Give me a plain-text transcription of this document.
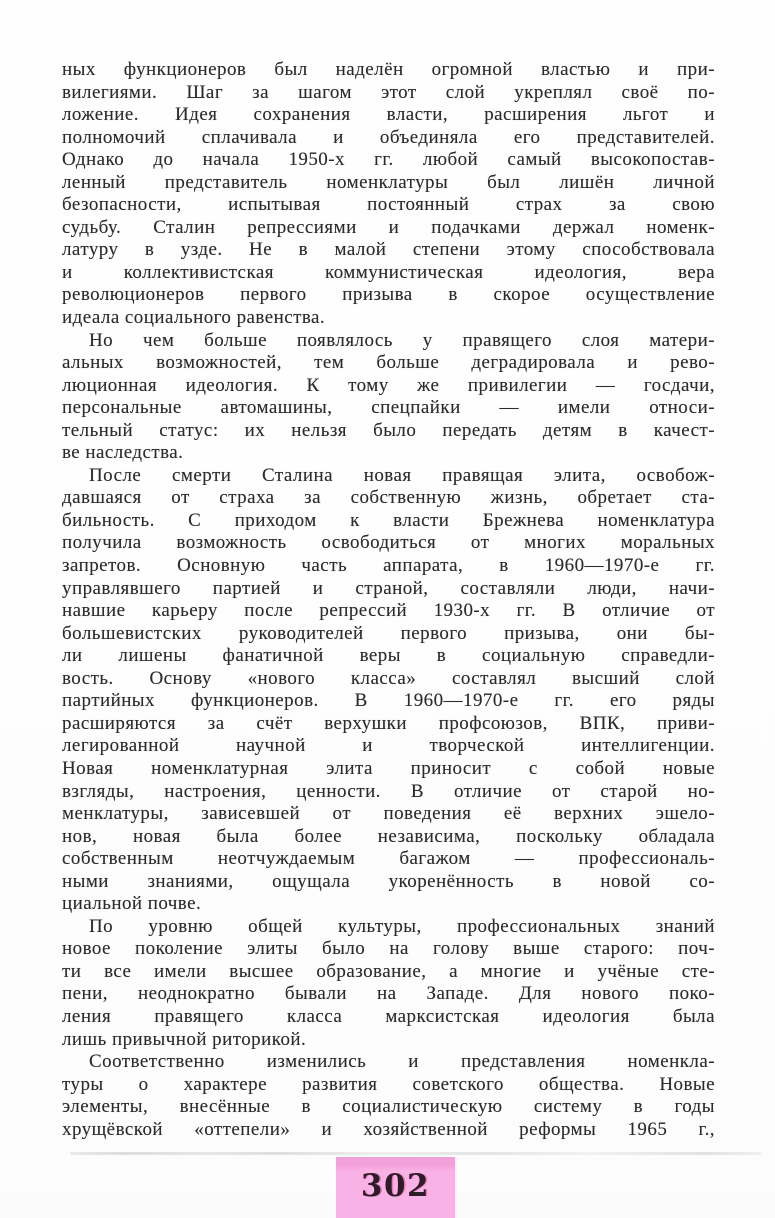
ных функционеров был наделён огромной властью и при-
вилегиями. Шаг за шагом этот слой укреплял своё по-
ложение. Идея сохранения власти, расширения льгот и
полномочий сплачивала и объединяла его представителей.
Однако до начала 1950-х гг. любой самый высокопостав-
ленный представитель номенклатуры был лишён личной
безопасности, испытывая постоянный страх за свою
судьбу. Сталин репрессиями и подачками держал номенк-
латуру в узде. Не в малой степени этому способствовала
и коллективистская коммунистическая идеология, вера
революционеров первого призыва в скорое осуществление
идеала социального равенства.
Но чем больше появлялось у правящего слоя матери-
альных возможностей, тем больше деградировала и рево-
люционная идеология. К тому же привилегии — госдачи,
персональные автомашины, спецпайки — имели относи-
тельный статус: их нельзя было передать детям в качест-
ве наследства.
После смерти Сталина новая правящая элита, освобож-
давшаяся от страха за собственную жизнь, обретает ста-
бильность. С приходом к власти Брежнева номенклатура
получила возможность освободиться от многих моральных
запретов. Основную часть аппарата, в 1960—1970-е гг.
управлявшего партией и страной, составляли люди, начи-
навшие карьеру после репрессий 1930-х гг. В отличие от
большевистских руководителей первого призыва, они бы-
ли лишены фанатичной веры в социальную справедли-
вость. Основу «нового класса» составлял высший слой
партийных функционеров. В 1960—1970-е гг. его ряды
расширяются за счёт верхушки профсоюзов, ВПК, приви-
легированной научной и творческой интеллигенции.
Новая номенклатурная элита приносит с собой новые
взгляды, настроения, ценности. В отличие от старой но-
менклатуры, зависевшей от поведения её верхних эшело-
нов, новая была более независима, поскольку обладала
собственным неотчуждаемым багажом — профессиональ-
ными знаниями, ощущала укоренённость в новой со-
циальной почве.
По уровню общей культуры, профессиональных знаний
новое поколение элиты было на голову выше старого: поч-
ти все имели высшее образование, а многие и учёные сте-
пени, неоднократно бывали на Западе. Для нового поко-
ления правящего класса марксистская идеология была
лишь привычной риторикой.
Соответственно изменились и представления номенкла-
туры о характере развития советского общества. Новые
элементы, внесённые в социалистическую систему в годы
хрущёвской «оттепели» и хозяйственной реформы 1965 г.,
302
